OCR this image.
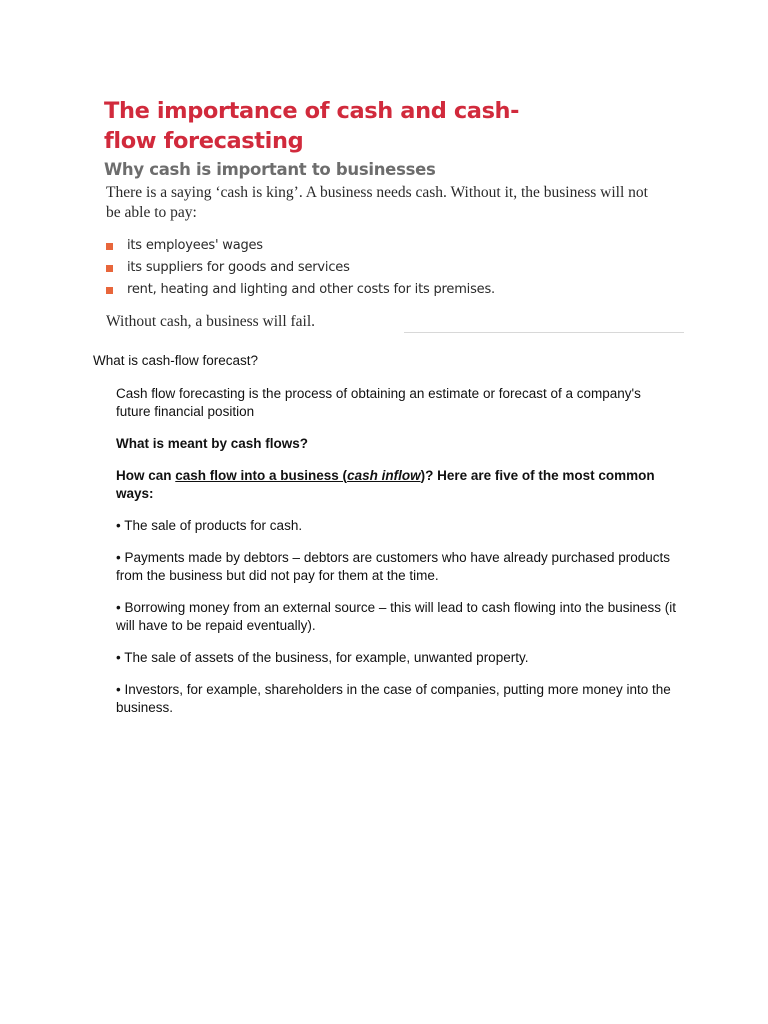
The importance of cash and cash-flow forecasting
Why cash is important to businesses

There is a saying ‘cash is king’. A business needs cash. Without it, the business will not be able to pay:

its employees' wages
its suppliers for goods and services
rent, heating and lighting and other costs for its premises.

Without cash, a business will fail.

What is cash-flow forecast?

Cash flow forecasting is the process of obtaining an estimate or forecast of a company's future financial position

What is meant by cash flows?

How can cash flow into a business (cash inflow)? Here are five of the most common ways:

• The sale of products for cash.

• Payments made by debtors – debtors are customers who have already purchased products from the business but did not pay for them at the time.

• Borrowing money from an external source – this will lead to cash flowing into the business (it will have to be repaid eventually).

• The sale of assets of the business, for example, unwanted property.

• Investors, for example, shareholders in the case of companies, putting more money into the business.
